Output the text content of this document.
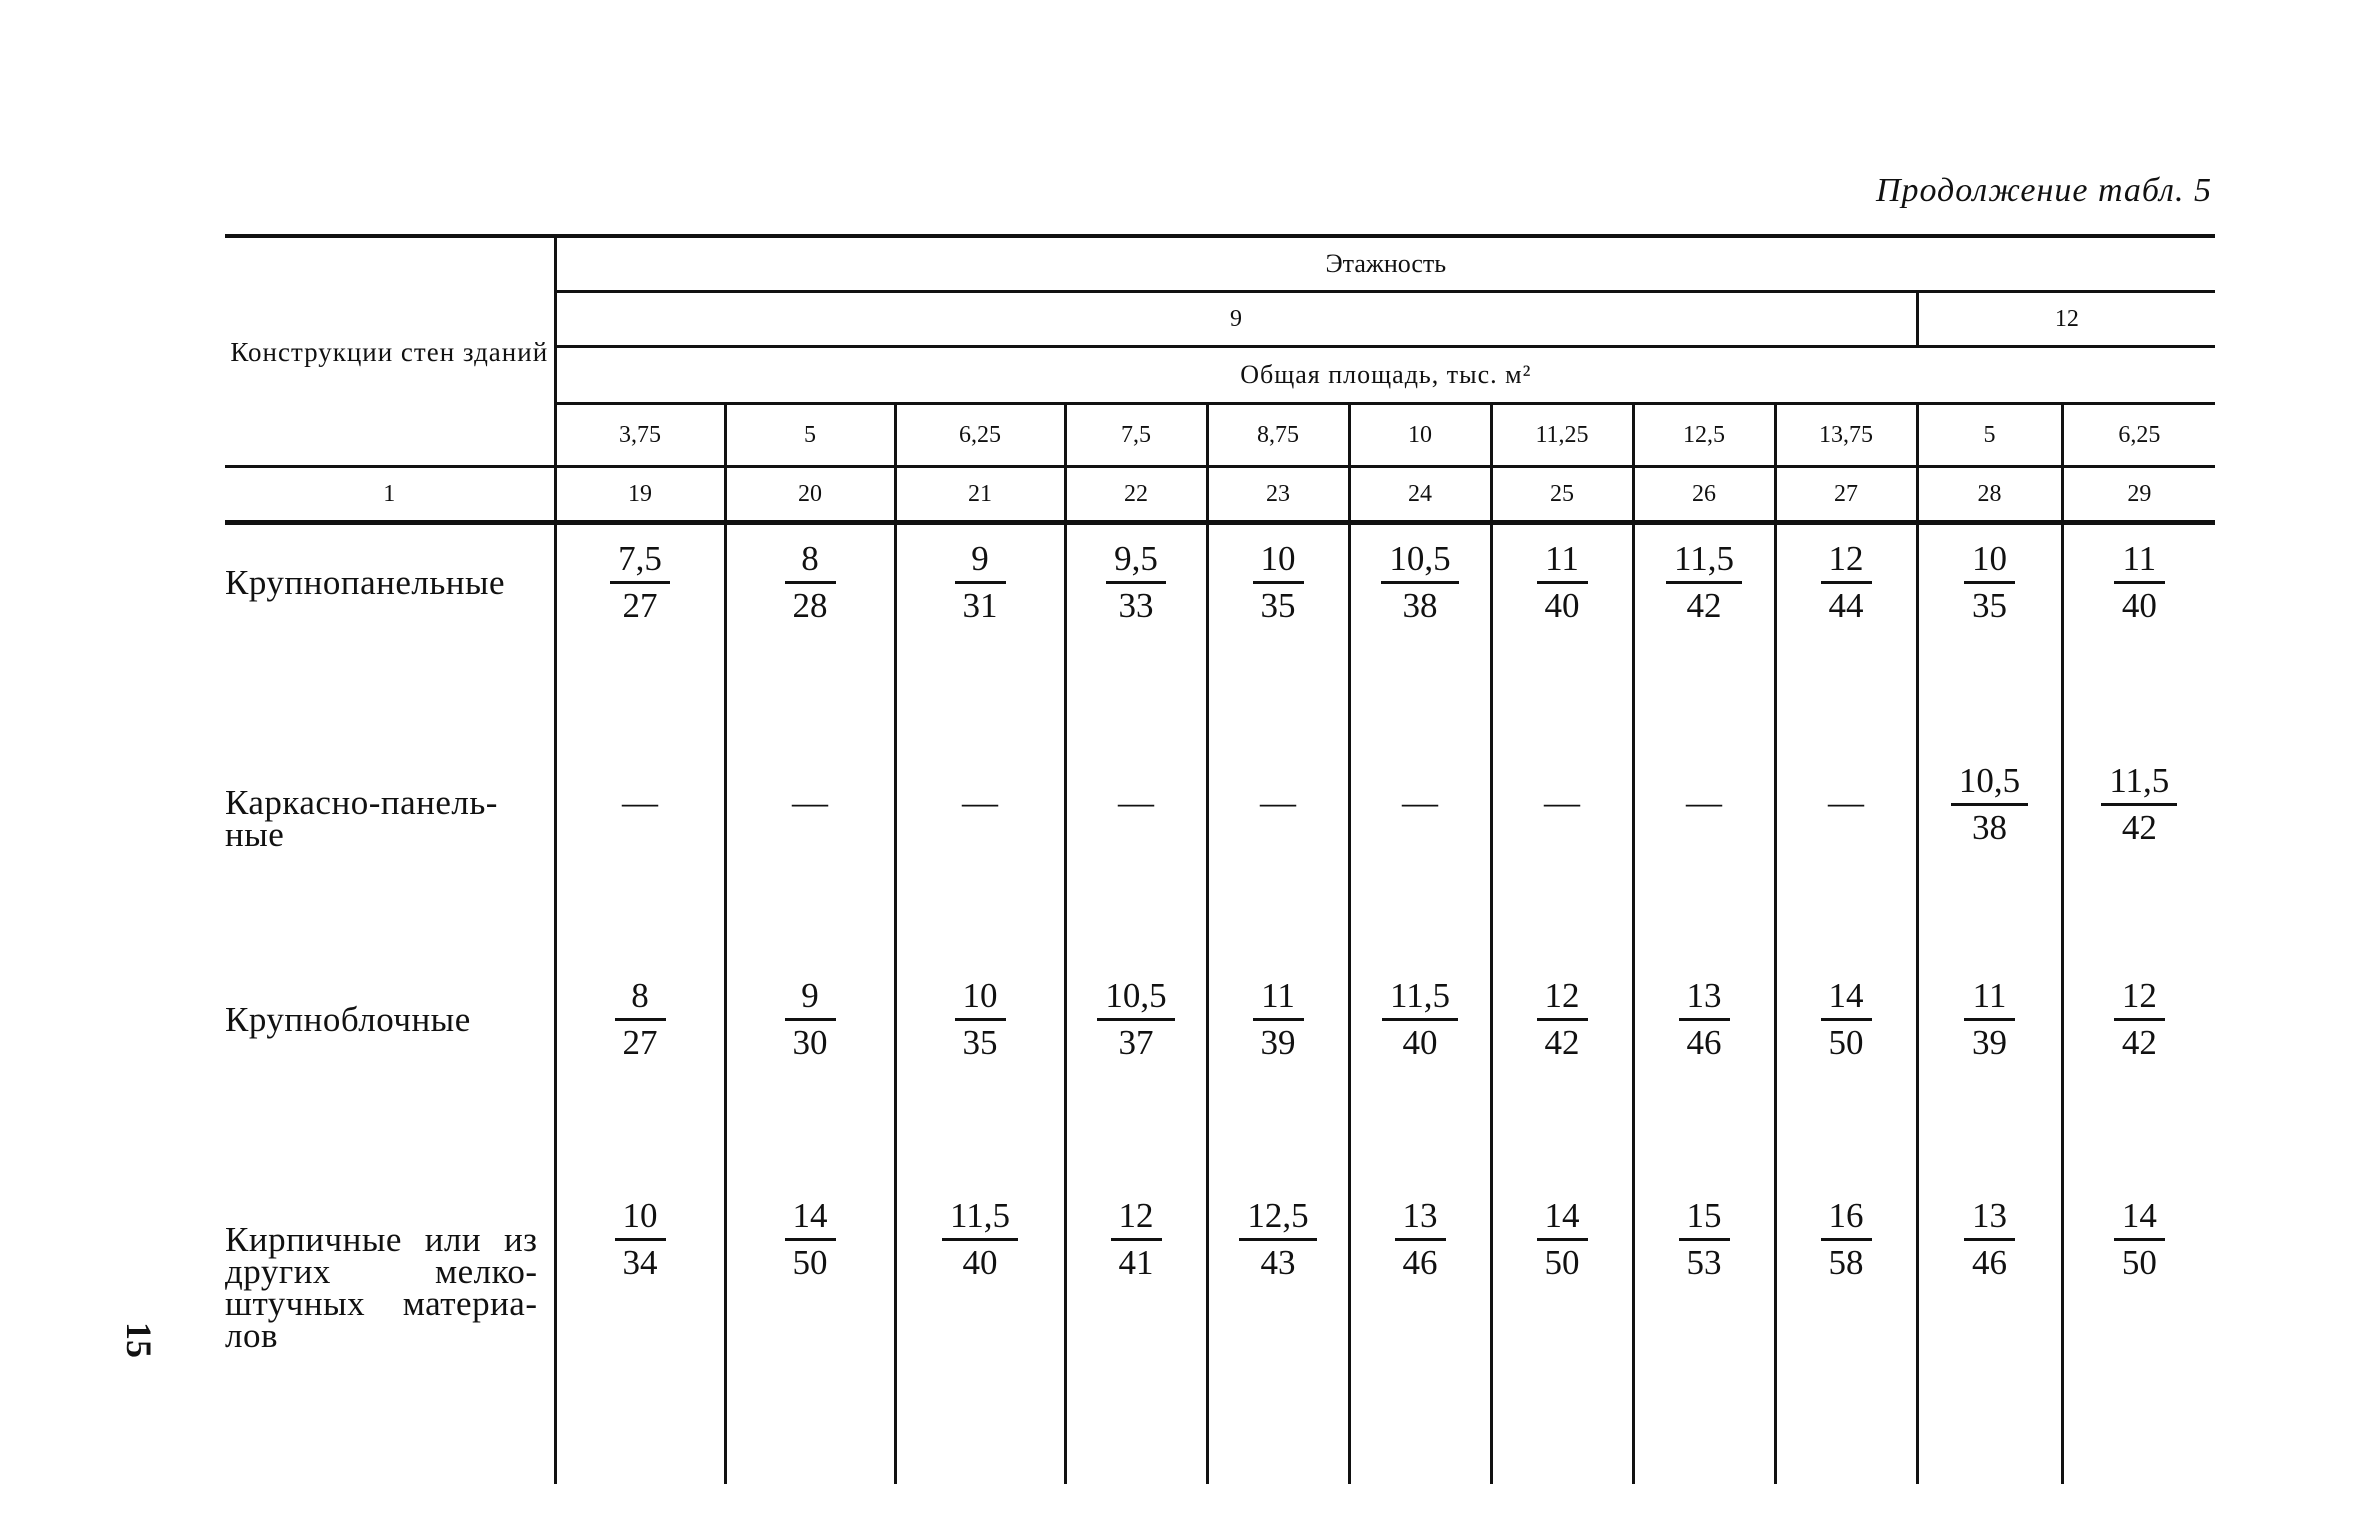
Продолжение табл. 5
Конструкции стен зданий	Этажность										
	9									12	
	Общая площадь, тыс. м²										
	3,75	5	6,25	7,5	8,75	10	11,25	12,5	13,75	5	6,25
1	19	20	21	22	23	24	25	26	27	28	29

Крупнопанельные	$\frac{7,5}{27}$	$\frac{8}{28}$	$\frac{9}{31}$	$\frac{9,5}{33}$	$\frac{10}{35}$	$\frac{10,5}{38}$	$\frac{11}{40}$	$\frac{11,5}{42}$	$\frac{12}{44}$	$\frac{10}{35}$	$\frac{11}{40}$

Каркасно-панель-
ные	—	—	—	—	—	—	—	—	—	$\frac{10,5}{38}$	$\frac{11,5}{42}$

Крупноблочные	$\frac{8}{27}$	$\frac{9}{30}$	$\frac{10}{35}$	$\frac{10,5}{37}$	$\frac{11}{39}$	$\frac{11,5}{40}$	$\frac{12}{42}$	$\frac{13}{46}$	$\frac{14}{50}$	$\frac{11}{39}$	$\frac{12}{42}$

Кирпичные или из
других мелко-
штучных материа-
лов	$\frac{10}{34}$	$\frac{14}{50}$	$\frac{11,5}{40}$	$\frac{12}{41}$	$\frac{12,5}{43}$	$\frac{13}{46}$	$\frac{14}{50}$	$\frac{15}{53}$	$\frac{16}{58}$	$\frac{13}{46}$	$\frac{14}{50}$
15
